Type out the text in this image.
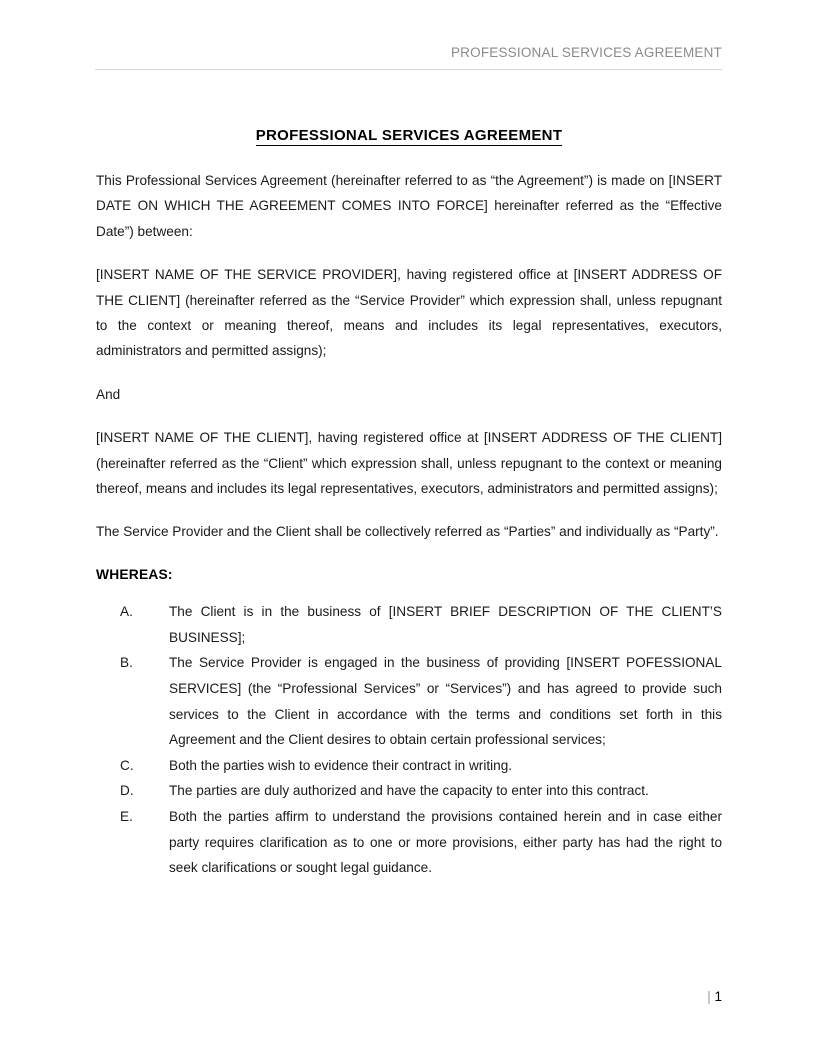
PROFESSIONAL SERVICES AGREEMENT
PROFESSIONAL SERVICES AGREEMENT

This Professional Services Agreement (hereinafter referred to as “the Agreement”) is made on [INSERT DATE ON WHICH THE AGREEMENT COMES INTO FORCE] hereinafter referred as the “Effective Date”) between:

[INSERT NAME OF THE SERVICE PROVIDER], having registered office at [INSERT ADDRESS OF THE CLIENT] (hereinafter referred as the “Service Provider” which expression shall, unless repugnant to the context or meaning thereof, means and includes its legal representatives, executors, administrators and permitted assigns);

And

[INSERT NAME OF THE CLIENT], having registered office at [INSERT ADDRESS OF THE CLIENT] (hereinafter referred as the “Client” which expression shall, unless repugnant to the context or meaning thereof, means and includes its legal representatives, executors, administrators and permitted assigns);

The Service Provider and the Client shall be collectively referred as “Parties” and individually as “Party”.

WHEREAS:

A.	The Client is in the business of [INSERT BRIEF DESCRIPTION OF THE CLIENT’S BUSINESS];
B.	The Service Provider is engaged in the business of providing [INSERT POFESSIONAL SERVICES] (the “Professional Services” or “Services”) and has agreed to provide such services to the Client in accordance with the terms and conditions set forth in this Agreement and the Client desires to obtain certain professional services;
C.	Both the parties wish to evidence their contract in writing.
D.	The parties are duly authorized and have the capacity to enter into this contract.
E.	Both the parties affirm to understand the provisions contained herein and in case either party requires clarification as to one or more provisions, either party has had the right to seek clarifications or sought legal guidance.
| 1
